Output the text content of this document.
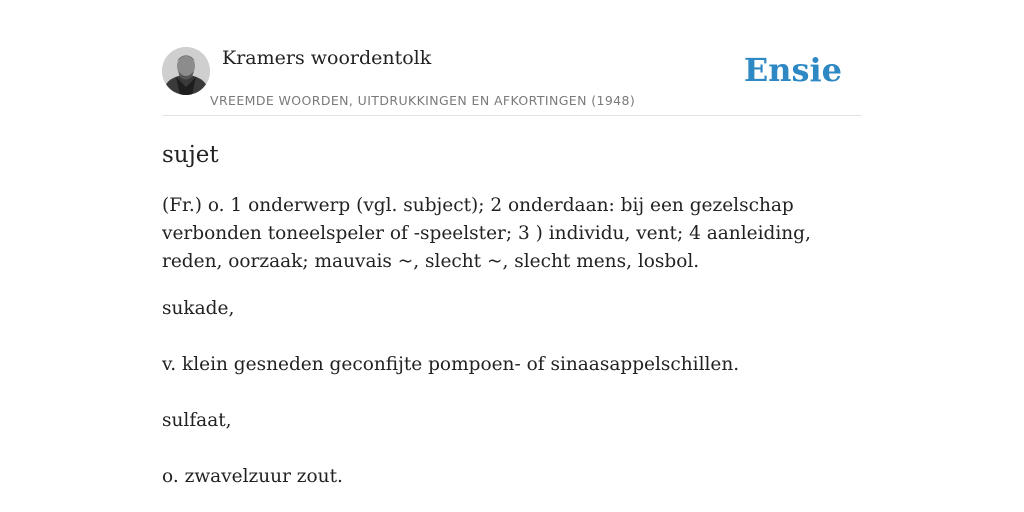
Kramers woordentolk
VREEMDE WOORDEN, UITDRUKKINGEN EN AFKORTINGEN (1948)
Ensie
sujet
(Fr.) o. 1 onderwerp (vgl. subject); 2 onderdaan: bij een gezelschap verbonden toneelspeler of -speelster; 3 ) individu, vent; 4 aanleiding, reden, oorzaak; mauvais ~, slecht ~, slecht mens, losbol.

sukade,

v. klein gesneden geconfijte pompoen- of sinaasappelschillen.

sulfaat,

o. zwavelzuur zout.
